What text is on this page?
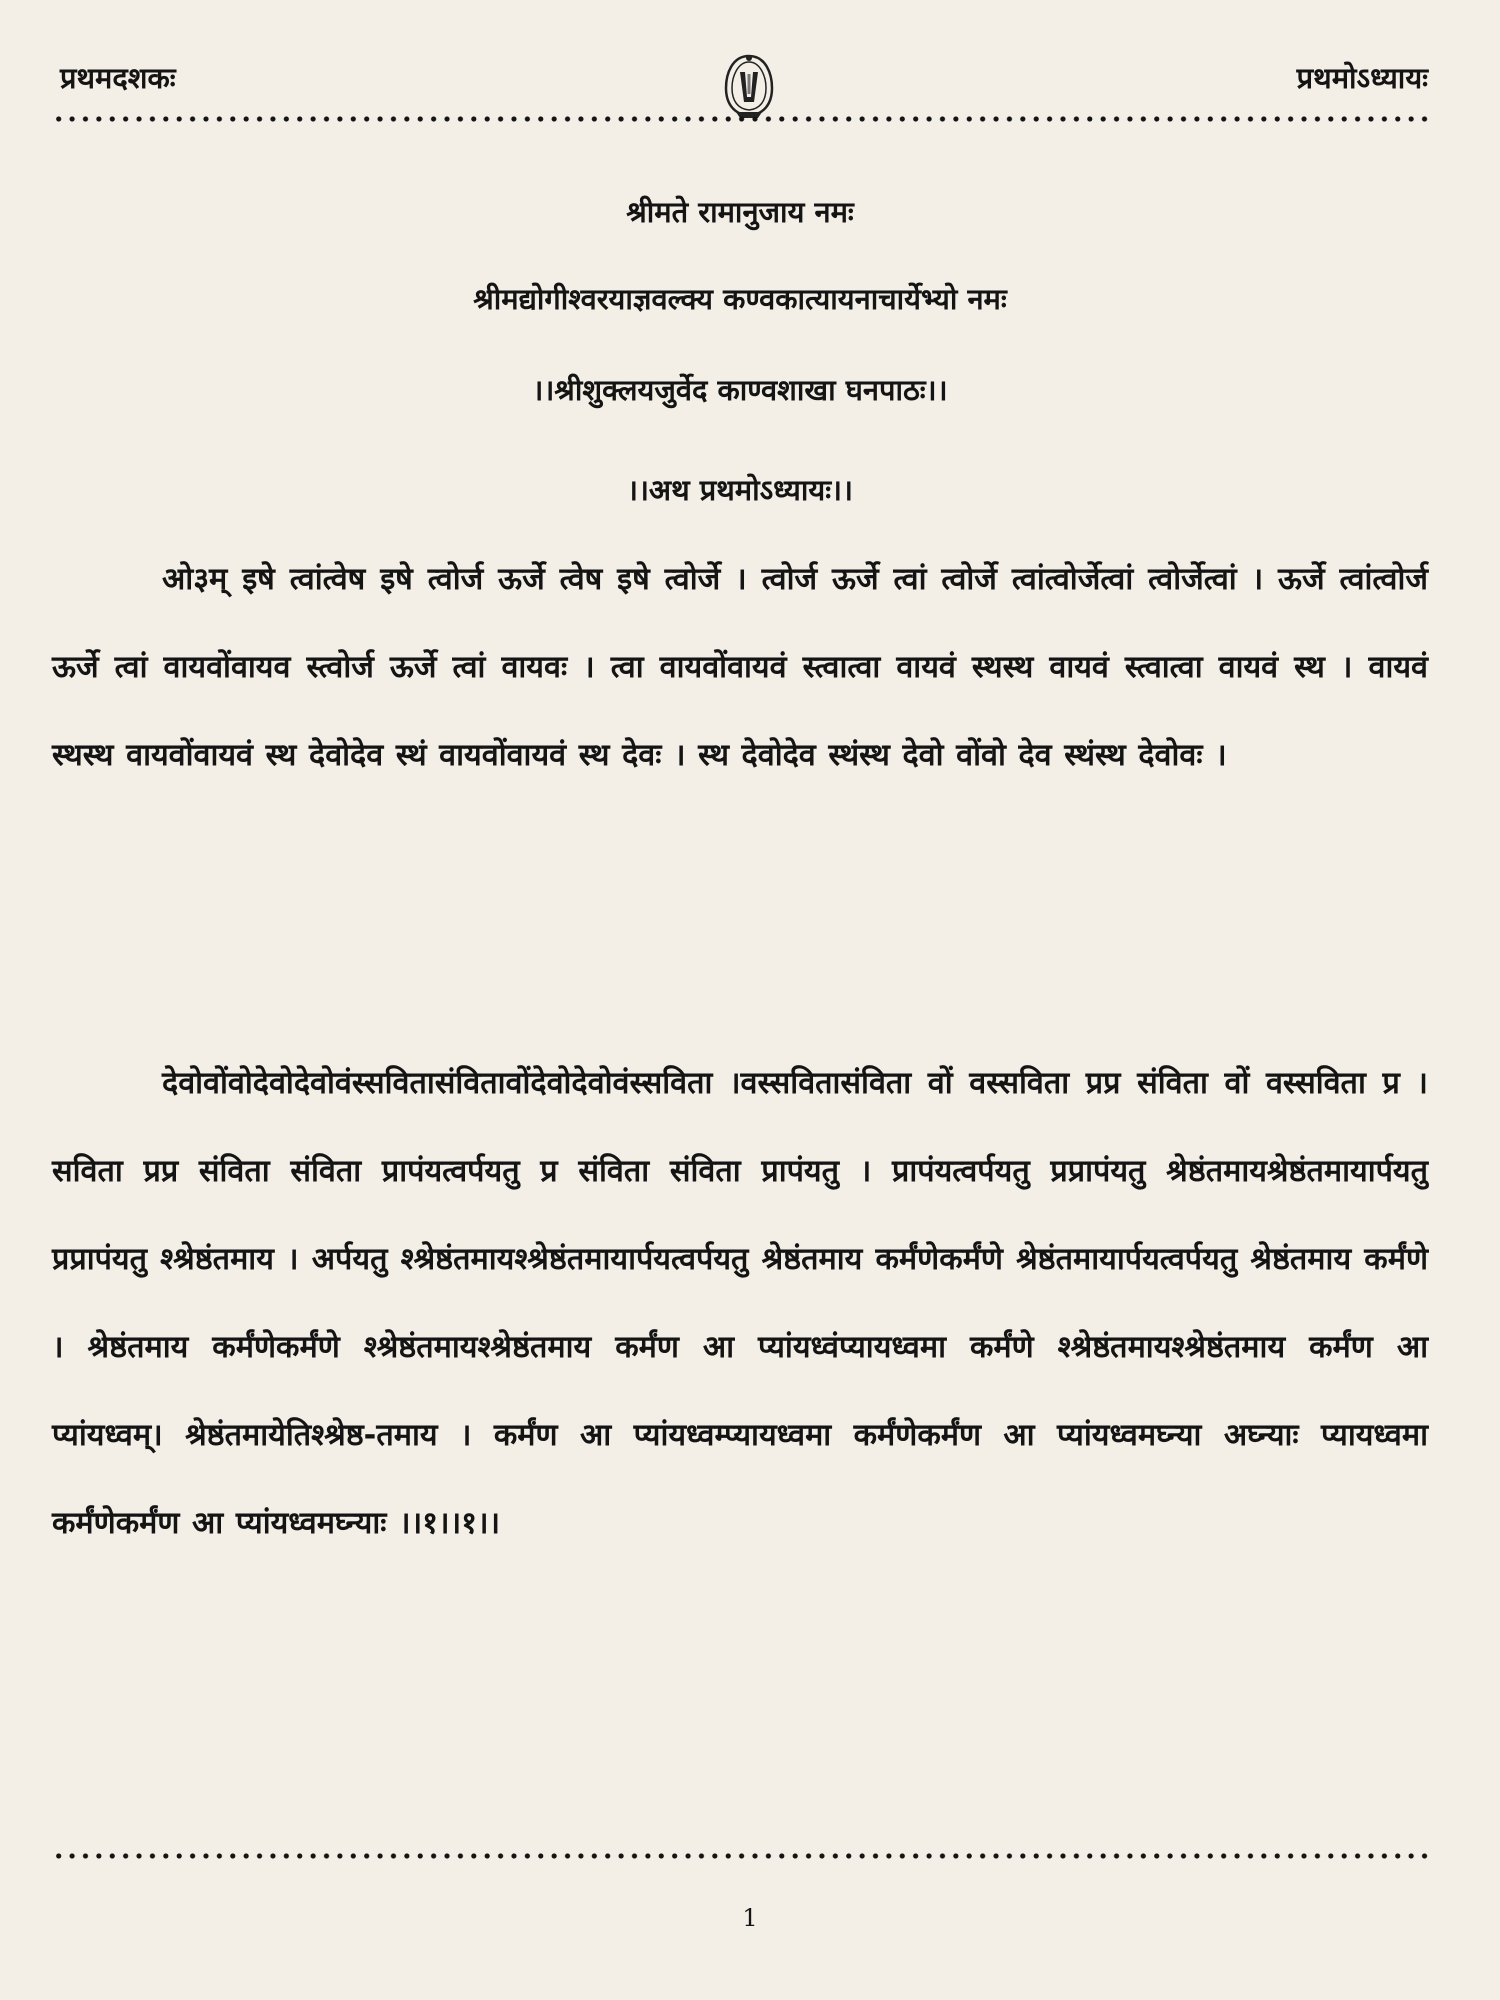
प्रथमदशकः	प्रथमोऽध्यायः
श्रीमते रामानुजाय नमः
श्रीमद्योगीश्वरयाज्ञवल्क्य कण्वकात्यायनाचार्येभ्यो नमः
।।श्रीशुक्लयजुर्वेद काण्वशाखा घनपाठः।।
।।अथ प्रथमोऽध्यायः।।
ओ३म् इषे त्वांत्वेष इषे त्वोर्ज ऊर्जे त्वेष इषे त्वोर्जे । त्वोर्ज ऊर्जे त्वां त्वोर्जे त्वांत्वोर्जेत्वां त्वोर्जेत्वां । ऊर्जे त्वांत्वोर्ज ऊर्जे त्वां वायवोंवायव स्त्वोर्ज ऊर्जे त्वां वायवः । त्वा वायवोंवायवं स्त्वात्वा वायवं स्थस्थ वायवं स्त्वात्वा वायवं स्थ । वायवं स्थस्थ वायवोंवायवं स्थ देवोदेव स्थं वायवोंवायवं स्थ देवः । स्थ देवोदेव स्थंस्थ देवो वोंवो देव स्थंस्थ देवोवः ।
देवोवोंवोदेवोदेवोवंस्सवितासंवितावोंदेवोदेवोवंस्सविता ।वस्सवितासंविता वों वस्सविता प्रप्र संविता वों वस्सविता प्र । सविता प्रप्र संविता संविता प्रापंयत्वर्पयतु प्र संविता संविता प्रापंयतु । प्रापंयत्वर्पयतु प्रप्रापंयतु श्रेष्ठंतमायश्रेष्ठंतमायार्पयतु प्रप्रापंयतु श्श्रेष्ठंतमाय । अर्पयतु श्श्रेष्ठंतमायश्श्रेष्ठंतमायार्पयत्वर्पयतु श्रेष्ठंतमाय कर्मंणेकर्मंणे श्रेष्ठंतमायार्पयत्वर्पयतु श्रेष्ठंतमाय कर्मंणे । श्रेष्ठंतमाय कर्मंणेकर्मंणे श्श्रेष्ठंतमायश्श्रेष्ठंतमाय कर्मंण आ प्यांयध्वंप्यायध्वमा कर्मंणे श्श्रेष्ठंतमायश्श्रेष्ठंतमाय कर्मंण आ प्यांयध्वम्। श्रेष्ठंतमायेतिश्श्रेष्ठ-तमाय । कर्मंण आ प्यांयध्वम्प्यायध्वमा कर्मंणेकर्मंण आ प्यांयध्वमघ्न्या अघ्न्याः प्यायध्वमा कर्मंणेकर्मंण आ प्यांयध्वमघ्न्याः ।।१।।१।।
1
